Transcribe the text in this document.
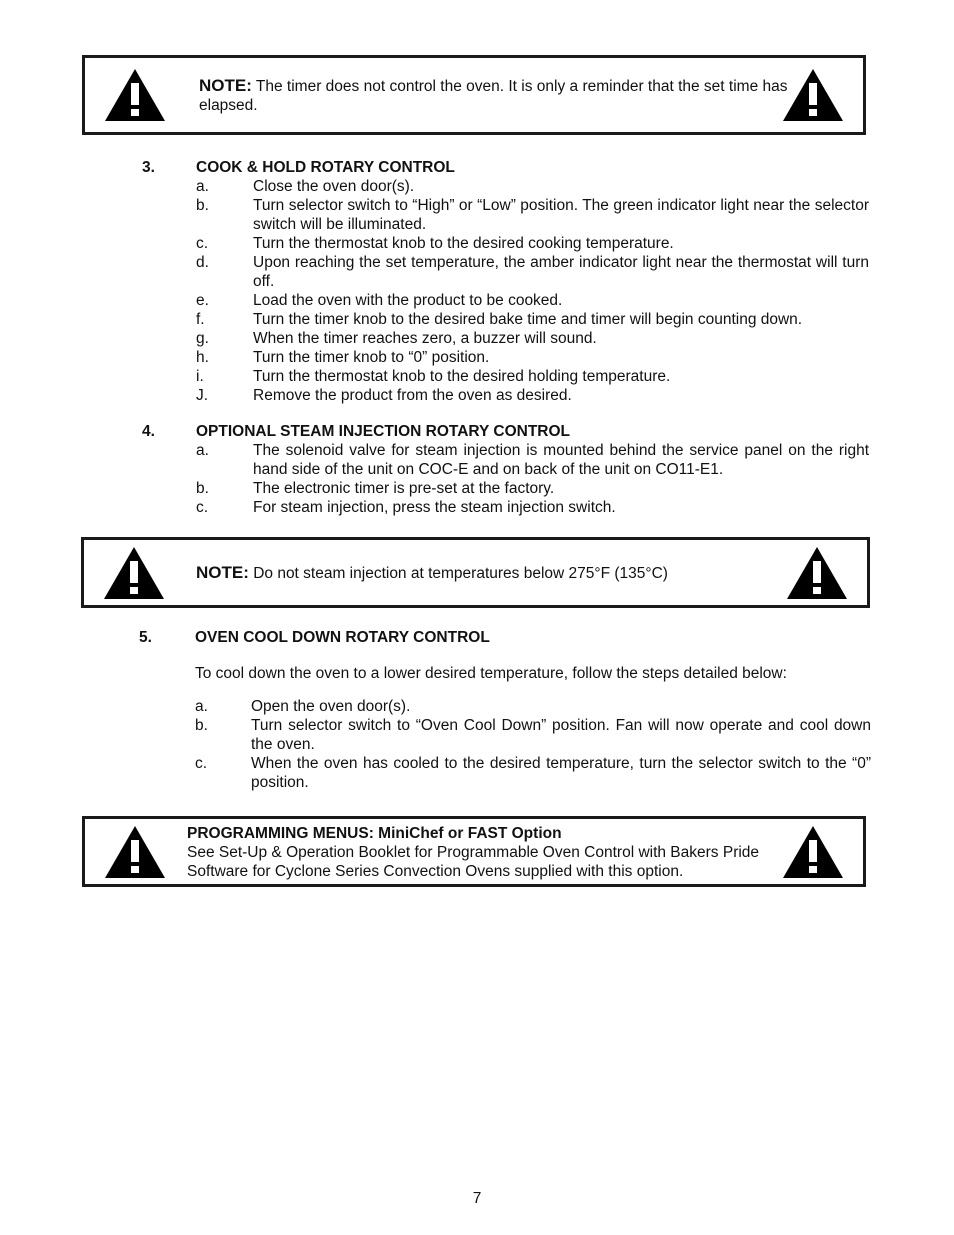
NOTE: The timer does not control the oven. It is only a reminder that the set time has elapsed.
3.	COOK & HOLD ROTARY CONTROL
a.	Close the oven door(s).
b.	Turn selector switch to “High” or “Low” position. The green indicator light near the selector switch will be illuminated.
c.	Turn the thermostat knob to the desired cooking temperature.
d.	Upon reaching the set temperature, the amber indicator light near the thermostat will turn off.
e.	Load the oven with the product to be cooked.
f.	Turn the timer knob to the desired bake time and timer will begin counting down.
g.	When the timer reaches zero, a buzzer will sound.
h.	Turn the timer knob to “0” position.
i.	Turn the thermostat knob to the desired holding temperature.
J.	Remove the product from the oven as desired.
4.	OPTIONAL STEAM INJECTION ROTARY CONTROL
a.	The solenoid valve for steam injection is mounted behind the service panel on the right hand side of the unit on COC-E and on back of the unit on CO11-E1.
b.	The electronic timer is pre-set at the factory.
c.	For steam injection, press the steam injection switch.
NOTE: Do not steam injection at temperatures below 275°F (135°C)
5.	OVEN COOL DOWN ROTARY CONTROL
To cool down the oven to a lower desired temperature, follow the steps detailed below:
a.	Open the oven door(s).
b.	Turn selector switch to “Oven Cool Down” position. Fan will now operate and cool down the oven.
c.	When the oven has cooled to the desired temperature, turn the selector switch to the “0” position.
PROGRAMMING MENUS: MiniChef or FAST Option
See Set-Up & Operation Booklet for Programmable Oven Control with Bakers Pride Software for Cyclone Series Convection Ovens supplied with this option.
7
